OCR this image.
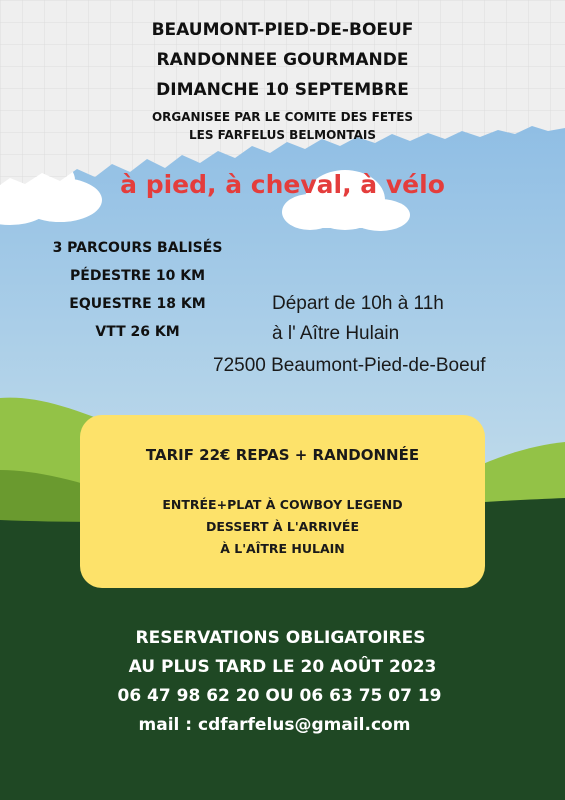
BEAUMONT-PIED-DE-BOEUF
RANDONNEE GOURMANDE
DIMANCHE 10 SEPTEMBRE
ORGANISEE PAR LE COMITE DES FETES
LES FARFELUS BELMONTAIS
à pied, à cheval, à vélo
3 PARCOURS BALISÉS
PÉDESTRE 10 KM
EQUESTRE 18 KM
VTT 26 KM
Départ de 10h à 11h
à l' Aître Hulain
72500 Beaumont-Pied-de-Boeuf
TARIF 22€ REPAS + RANDONNÉE
ENTRÉE+PLAT À COWBOY LEGEND
DESSERT À L'ARRIVÉE
À L'AÎTRE HULAIN
RESERVATIONS OBLIGATOIRES
AU PLUS TARD LE 20 AOÛT 2023
06 47 98 62 20 OU 06 63 75 07 19
mail : cdfarfelus@gmail.com
